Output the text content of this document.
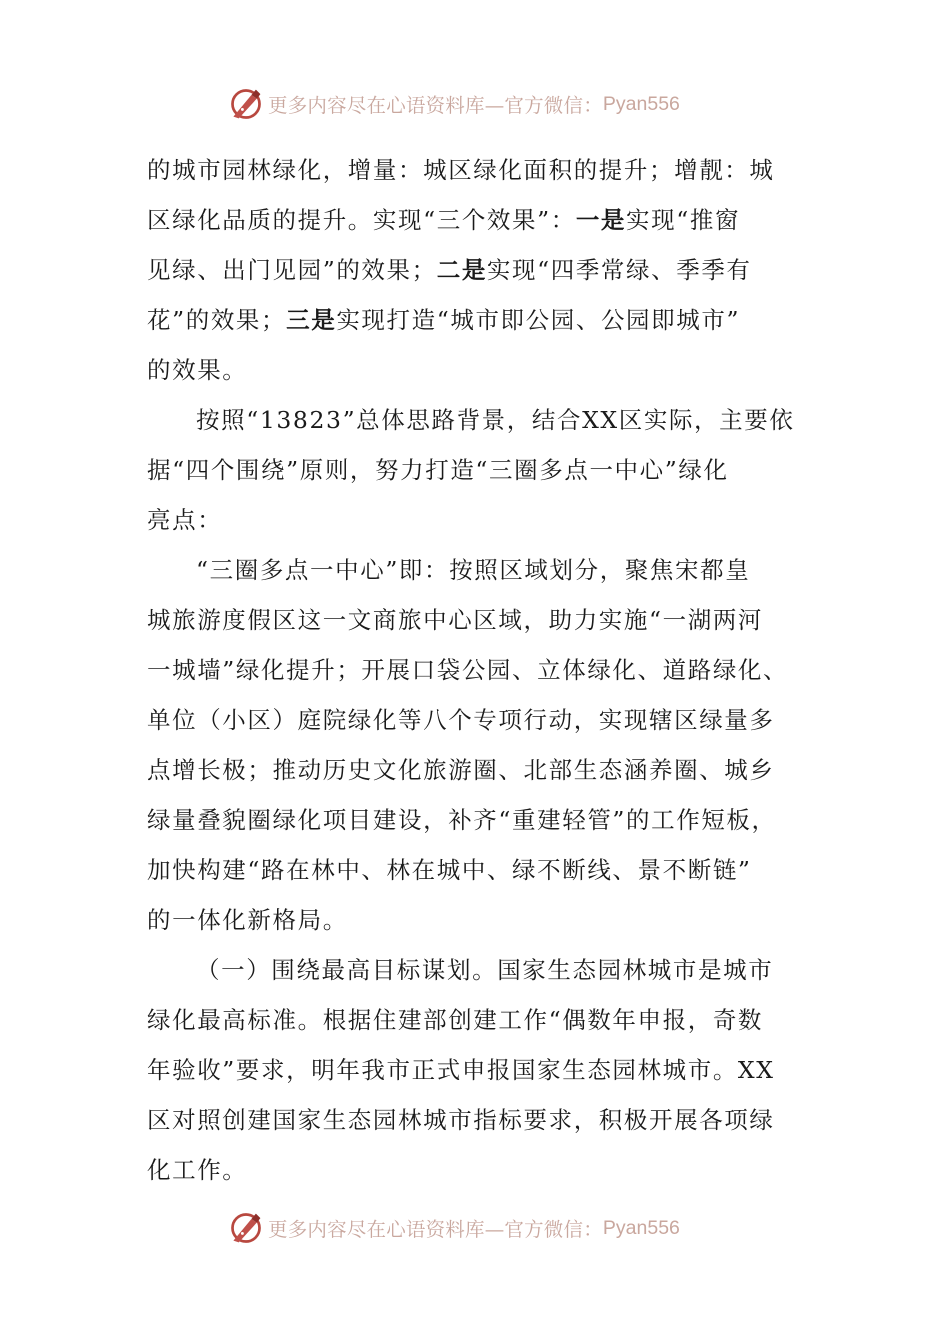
更多内容尽在心语资料库—官方微信： Pyan556
的城市园林绿化，增量：城区绿化面积的提升；增靓：城
区绿化品质的提升。实现“三个效果”：一是实现“推窗
见绿、出门见园”的效果；二是实现“四季常绿、季季有
花”的效果；三是实现打造“城市即公园、公园即城市”
的效果。
按照“13823”总体思路背景，结合XX区实际，主要依
据“四个围绕”原则，努力打造“三圈多点一中心”绿化
亮点：
“三圈多点一中心”即：按照区域划分，聚焦宋都皇
城旅游度假区这一文商旅中心区域，助力实施“一湖两河
一城墙”绿化提升；开展口袋公园、立体绿化、道路绿化、
单位（小区）庭院绿化等八个专项行动，实现辖区绿量多
点增长极；推动历史文化旅游圈、北部生态涵养圈、城乡
绿量叠貌圈绿化项目建设，补齐“重建轻管”的工作短板，
加快构建“路在林中、林在城中、绿不断线、景不断链”
的一体化新格局。
（一）围绕最高目标谋划。国家生态园林城市是城市
绿化最高标准。根据住建部创建工作“偶数年申报，奇数
年验收”要求，明年我市正式申报国家生态园林城市。XX
区对照创建国家生态园林城市指标要求，积极开展各项绿
化工作。
更多内容尽在心语资料库—官方微信： Pyan556
